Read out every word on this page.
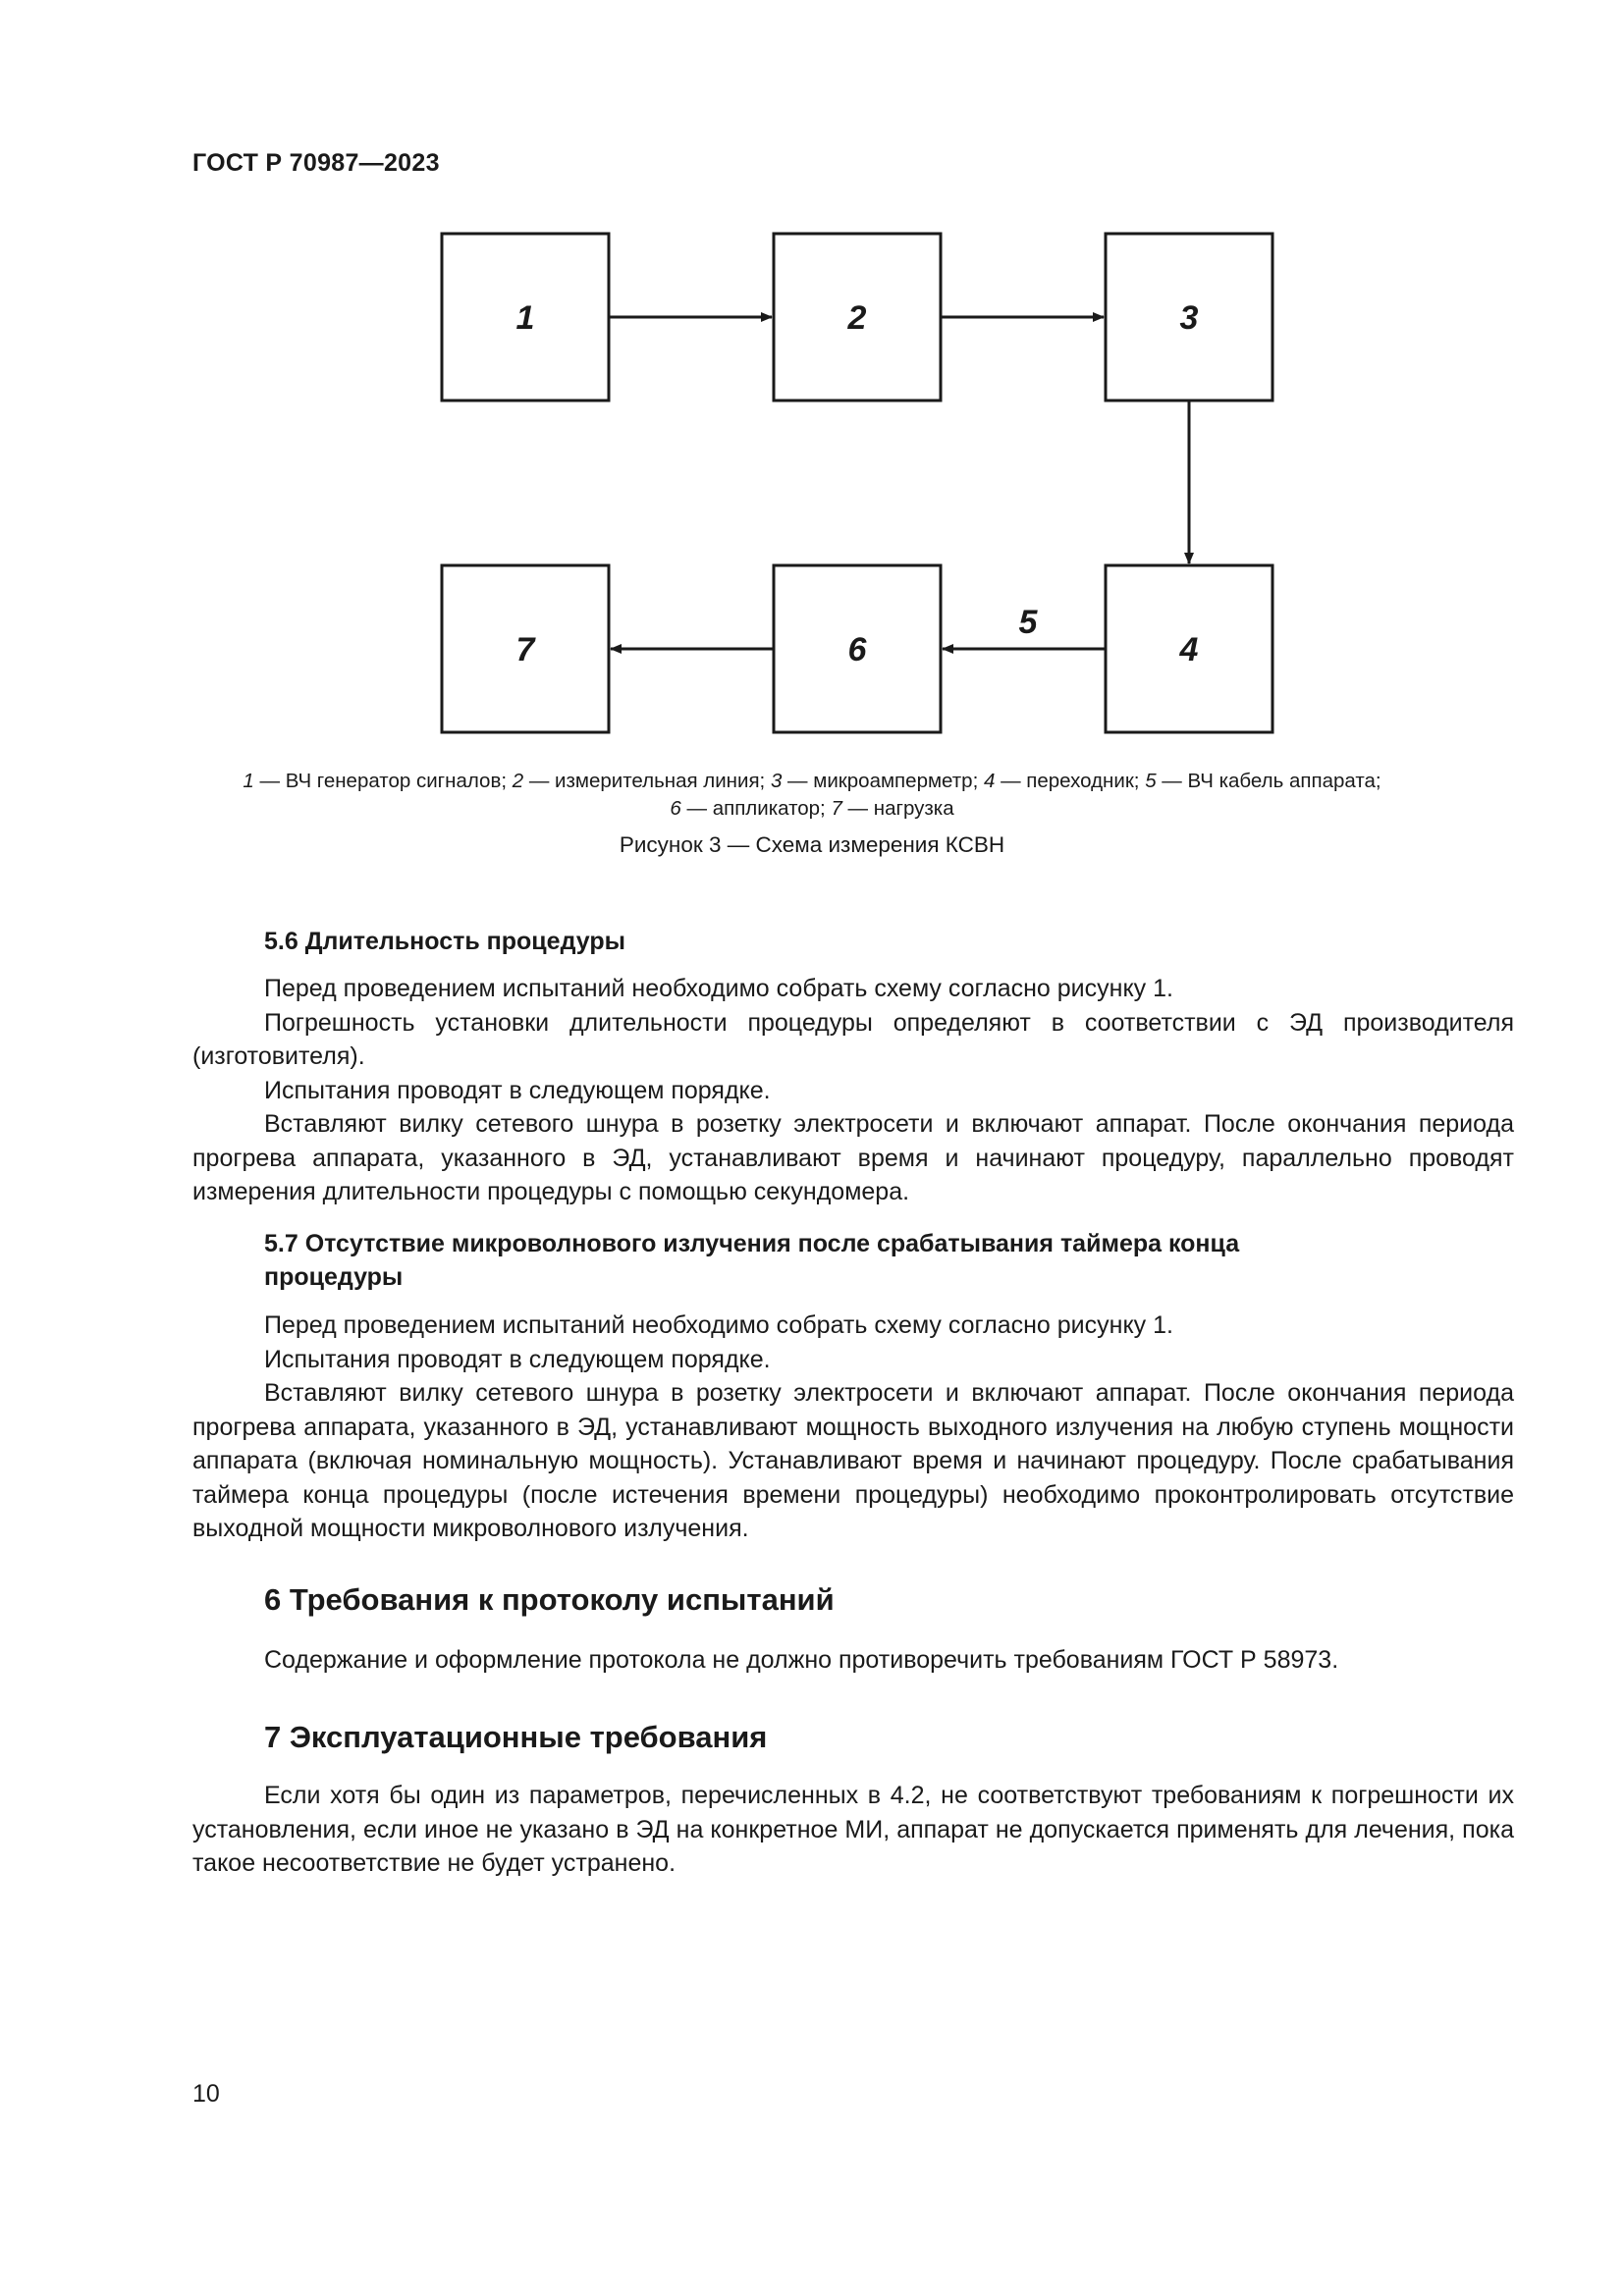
ГОСТ Р 70987—2023
1	2	3
4
6
7
5
1 — ВЧ генератор сигналов; 2 — измерительная линия; 3 — микроамперметр; 4 — переходник; 5 — ВЧ кабель аппарата;
6 — аппликатор; 7 — нагрузка
Рисунок 3 — Схема измерения КСВН
5.6 Длительность процедуры

Перед проведением испытаний необходимо собрать схему согласно рисунку 1.

Погрешность установки длительности процедуры определяют в соответствии с ЭД производителя (изготовителя).

Испытания проводят в следующем порядке.

Вставляют вилку сетевого шнура в розетку электросети и включают аппарат. После окончания периода прогрева аппарата, указанного в ЭД, устанавливают время и начинают процедуру, параллельно проводят измерения длительности процедуры с помощью секундомера.

5.7 Отсутствие микроволнового излучения после срабатывания таймера конца
процедуры

Перед проведением испытаний необходимо собрать схему согласно рисунку 1.

Испытания проводят в следующем порядке.

Вставляют вилку сетевого шнура в розетку электросети и включают аппарат. После окончания периода прогрева аппарата, указанного в ЭД, устанавливают мощность выходного излучения на любую ступень мощности аппарата (включая номинальную мощность). Устанавливают время и начинают процедуру. После срабатывания таймера конца процедуры (после истечения времени процедуры) необходимо проконтролировать отсутствие выходной мощности микроволнового излучения.

6 Требования к протоколу испытаний

Содержание и оформление протокола не должно противоречить требованиям ГОСТ Р 58973.

7 Эксплуатационные требования

Если хотя бы один из параметров, перечисленных в 4.2, не соответствуют требованиям к погрешности их установления, если иное не указано в ЭД на конкретное МИ, аппарат не допускается применять для лечения, пока такое несоответствие не будет устранено.

10
